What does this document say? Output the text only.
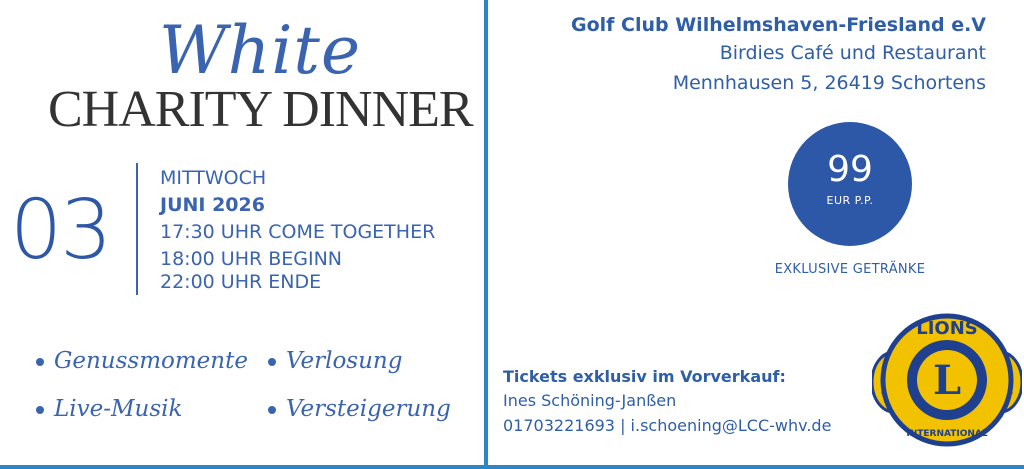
White
CHARITY DINNER
03
MITTWOCH
JUNI 2026
17:30 UHR COME TOGETHER
18:00 UHR BEGINN
22:00 UHR ENDE
Genussmomente	Verlosung
Live-Musik	Versteigerung
Golf Club Wilhelmshaven-Friesland e.V
Birdies Café und Restaurant
Mennhausen 5, 26419 Schortens
99
EUR P.P.
EXKLUSIVE GETRÄNKE
Tickets exklusiv im Vorverkauf:
Ines Schöning-Janßen
01703221693 | i.schoening@LCC-whv.de
L
LIONS
INTERNATIONAL
